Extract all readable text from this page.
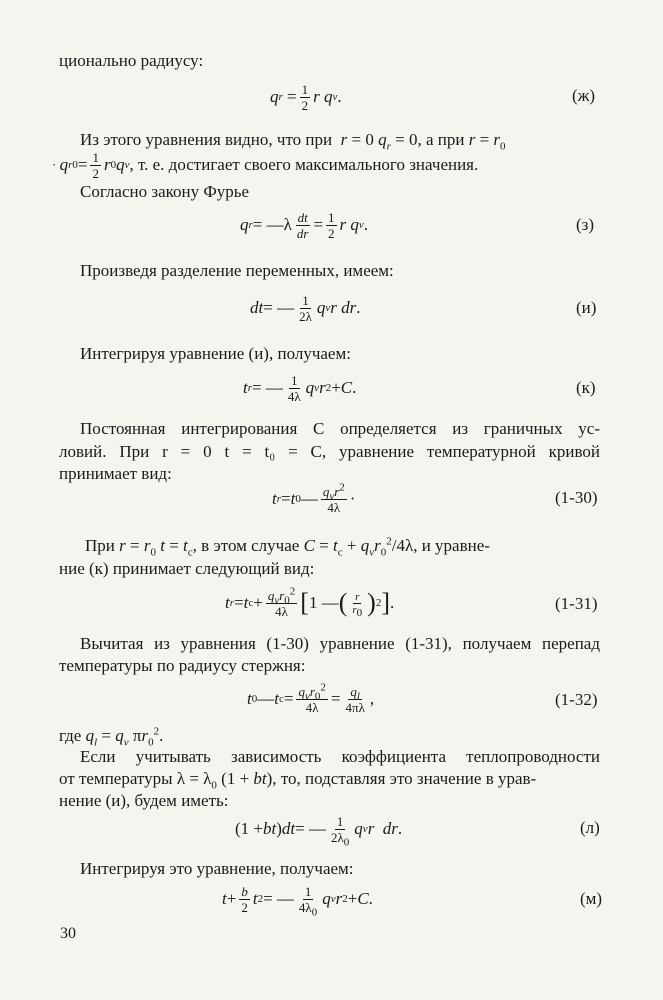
ционально радиусу:
q $r = \frac{1}{2}$ r q v .	(ж)
Из этого уравнения видно, что при r = 0 $q_r = 0$, а при $r = r_0$
· q $r0 = \frac{1}{2}$ r 0 q v , т. е. достигает своего максимального значения.
Согласно закону Фурье
q r = —λ $\frac{dt}{dr} = \frac{1}{2}$ r q v .	(з)
Произведя разделение переменных, имеем:
dt = — $\frac{1}{2\lambda}$ q v r dr .	(и)
Интегрируя уравнение (и), получаем:
t r = — $\frac{1}{4\lambda}$ q v r 2 + C .	(к)
Постоянная интегрирования C определяется из граничных ус-
ловий. При r = 0 t = t₀ = C, уравнение температурной кривой
принимает вид:
t r = t 0 — $\frac{q_vr^2}{4\lambda}$ ·	(1-30)
При $r = r_0$ $t = t_с$, в этом случае $C = t_с + q_vr_0^2/4\lambda$, и уравне-
ние (к) принимает следующий вид:
t r = t $с + \frac{q_vr_0^2}{4\lambda}$ [ 1 — ( $\frac{r}{r_0}$ ) 2 ] .	(1-31)
Вычитая из уравнения (1-30) уравнение (1-31), получаем перепад
температуры по радиусу стержня:
t 0 — t $с = \frac{q_vr_0^2}{4\lambda} = \frac{q_l}{4\pi\lambda}$ ,	(1-32)
где $q_l = q_v$ $\pi r_0^2$.
Если учитывать зависимость коэффициента теплопроводности
от температуры $\lambda = \lambda_0$ (1 + bt), то, подставляя это значение в урав-
нение (и), будем иметь:
(1 + bt ) dt = — $\frac{1}{2\lambda_0}$ q v r  dr .	(л)
Интегрируя это уравнение, получаем:
$t + \frac{b}{2}$ t 2 = — $\frac{1}{4\lambda_0}$ q v r 2 + C .	(м)
30
